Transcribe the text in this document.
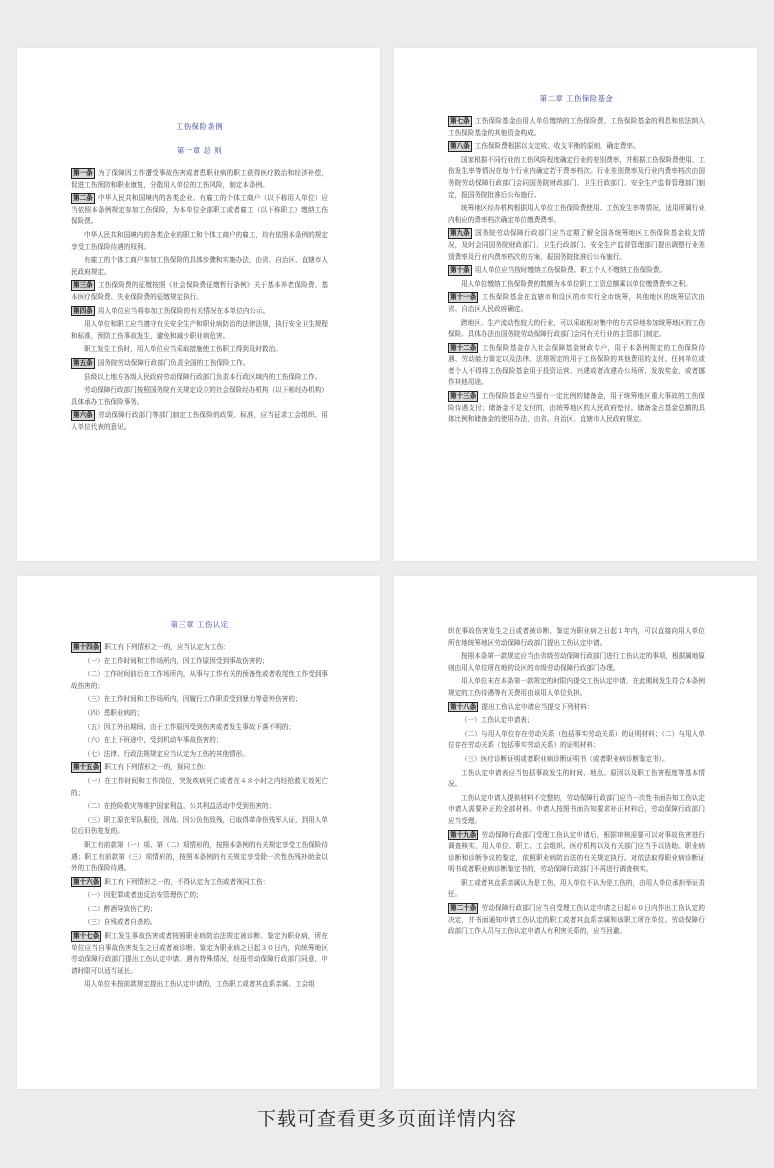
工伤保险条例
第一章 总 则

第一条 为了保障因工作遭受事故伤害或者患职业病的职工获得医疗救治和经济补偿，促进工伤预防和职业康复，分散用人单位的工伤风险，制定本条例。

第二条 中华人民共和国境内的各类企业、有雇工的个体工商户（以下称用人单位）应当依照本条例规定参加工伤保险，为本单位全部职工或者雇工（以下称职工）缴纳工伤保险费。

中华人民共和国境内的各类企业的职工和个体工商户的雇工，均有依照本条例的规定享受工伤保险待遇的权利。

有雇工的个体工商户参加工伤保险的具体步骤和实施办法，由省、自治区、直辖市人民政府规定。

第三条 工伤保险费的征缴按照《社会保险费征缴暂行条例》关于基本养老保险费、基本医疗保险费、失业保险费的征缴规定执行。

第四条 用人单位应当将参加工伤保险的有关情况在本单位内公示。

用人单位和职工应当遵守有关安全生产和职业病防治的法律法规，执行安全卫生规程和标准，预防工伤事故发生，避免和减少职业病危害。

职工发生工伤时，用人单位应当采取措施使工伤职工得到及时救治。

第五条 国务院劳动保障行政部门负责全国的工伤保险工作。

县级以上地方各级人民政府劳动保障行政部门负责本行政区域内的工伤保险工作。

劳动保障行政部门按照国务院有关规定设立的社会保险经办机构（以下称经办机构）具体承办工伤保险事务。

第六条 劳动保障行政部门等部门制定工伤保险的政策、标准，应当征求工会组织、用人单位代表的意见。

第二章 工伤保险基金

第七条 工伤保险基金由用人单位缴纳的工伤保险费、工伤保险基金的利息和依法纳入工伤保险基金的其他资金构成。

第八条 工伤保险费根据以支定收、收支平衡的原则，确定费率。

国家根据不同行业的工伤风险程度确定行业的差别费率，并根据工伤保险费使用、工伤发生率等情况在每个行业内确定若干费率档次。行业差别费率及行业内费率档次由国务院劳动保障行政部门会同国务院财政部门、卫生行政部门、安全生产监督管理部门制定，报国务院批准后公布施行。

统筹地区经办机构根据用人单位工伤保险费使用、工伤发生率等情况，适用所属行业内相应的费率档次确定单位缴费费率。

第九条 国务院劳动保障行政部门应当定期了解全国各统筹地区工伤保险基金收支情况，及时会同国务院财政部门、卫生行政部门、安全生产监督管理部门提出调整行业差别费率及行业内费率档次的方案，报国务院批准后公布施行。

第十条 用人单位应当按时缴纳工伤保险费。职工个人不缴纳工伤保险费。

用人单位缴纳工伤保险费的数额为本单位职工工资总额乘以单位缴费费率之积。

第十一条 工伤保险基金在直辖市和设区的市实行全市统筹，其他地区的统筹层次由省、自治区人民政府确定。

跨地区、生产流动性较大的行业，可以采取相对集中的方式异地参加统筹地区的工伤保险。具体办法由国务院劳动保障行政部门会同有关行业的主管部门制定。

第十二条 工伤保险基金存入社会保障基金财政专户，用于本条例规定的工伤保险待遇、劳动能力鉴定以及法律、法规规定的用于工伤保险的其他费用的支付。任何单位或者个人不得将工伤保险基金用于投资运营、兴建或者改建办公场所、发放奖金，或者挪作其他用途。

第十三条 工伤保险基金应当留有一定比例的储备金，用于统筹地区重大事故的工伤保险待遇支付；储备金不足支付的，由统筹地区的人民政府垫付。储备金占基金总额的具体比例和储备金的使用办法，由省、自治区、直辖市人民政府规定。

第三章 工伤认定

第十四条 职工有下列情形之一的，应当认定为工伤：

（一）在工作时间和工作场所内，因工作原因受到事故伤害的；

（二）工作时间前后在工作场所内，从事与工作有关的预备性或者收尾性工作受到事故伤害的；

（三）在工作时间和工作场所内，因履行工作职责受到暴力等意外伤害的；

（四）患职业病的；

（五）因工外出期间，由于工作原因受到伤害或者发生事故下落不明的；

（六）在上下班途中，受到机动车事故伤害的；

（七）法律、行政法规规定应当认定为工伤的其他情形。

第十五条 职工有下列情形之一的，视同工伤：

（一）在工作时间和工作岗位，突发疾病死亡或者在４８小时之内经抢救无效死亡的；

（二）在抢险救灾等维护国家利益、公共利益活动中受到伤害的；

（三）职工原在军队服役，因战、因公负伤致残，已取得革命伤残军人证，到用人单位后旧伤复发的。

职工有前款第（一）项、第（二）项情形的，按照本条例的有关规定享受工伤保险待遇；职工有前款第（三）项情形的，按照本条例的有关规定享受除一次性伤残补助金以外的工伤保险待遇。

第十六条 职工有下列情形之一的，不得认定为工伤或者视同工伤：

（一）因犯罪或者违反治安管理伤亡的；

（二）醉酒导致伤亡的；

（三）自残或者自杀的。

第十七条 职工发生事故伤害或者按照职业病防治法规定被诊断、鉴定为职业病，所在单位应当自事故伤害发生之日或者被诊断、鉴定为职业病之日起３０日内，向统筹地区劳动保障行政部门提出工伤认定申请。遇有特殊情况，经报劳动保障行政部门同意，申请时限可以适当延长。

用人单位未按前款规定提出工伤认定申请的，工伤职工或者其直系亲属、工会组

织在事故伤害发生之日或者被诊断、鉴定为职业病之日起１年内，可以直接向用人单位所在地统筹地区劳动保障行政部门提出工伤认定申请。

按照本条第一款规定应当由省级劳动保障行政部门进行工伤认定的事项，根据属地原则由用人单位所在地的设区的市级劳动保障行政部门办理。

用人单位未在本条第一款规定的时限内提交工伤认定申请，在此期间发生符合本条例规定的工伤待遇等有关费用由该用人单位负担。

第十八条 提出工伤认定申请应当提交下列材料：

（一）工伤认定申请表；

（二）与用人单位存在劳动关系（包括事实劳动关系）的证明材料；（二）与用人单位存在劳动关系（包括事实劳动关系）的证明材料；

（三）医疗诊断证明或者职业病诊断证明书（或者职业病诊断鉴定书）。

工伤认定申请表应当包括事故发生的时间、地点、原因以及职工伤害程度等基本情况。

工伤认定申请人提供材料不完整的，劳动保障行政部门应当一次性书面告知工伤认定申请人需要补正的全部材料。申请人按照书面告知要求补正材料后，劳动保障行政部门应当受理。

第十九条 劳动保障行政部门受理工伤认定申请后，根据审核需要可以对事故伤害进行调查核实，用人单位、职工、工会组织、医疗机构以及有关部门应当予以协助。职业病诊断和诊断争议的鉴定，依照职业病防治法的有关规定执行。对依法取得职业病诊断证明书或者职业病诊断鉴定书的，劳动保障行政部门不再进行调查核实。

职工或者其直系亲属认为是工伤，用人单位不认为是工伤的，由用人单位承担举证责任。

第二十条 劳动保障行政部门应当自受理工伤认定申请之日起６０日内作出工伤认定的决定，并书面通知申请工伤认定的职工或者其直系亲属和该职工所在单位。劳动保障行政部门工作人员与工伤认定申请人有利害关系的，应当回避。

下载可查看更多页面详情内容
